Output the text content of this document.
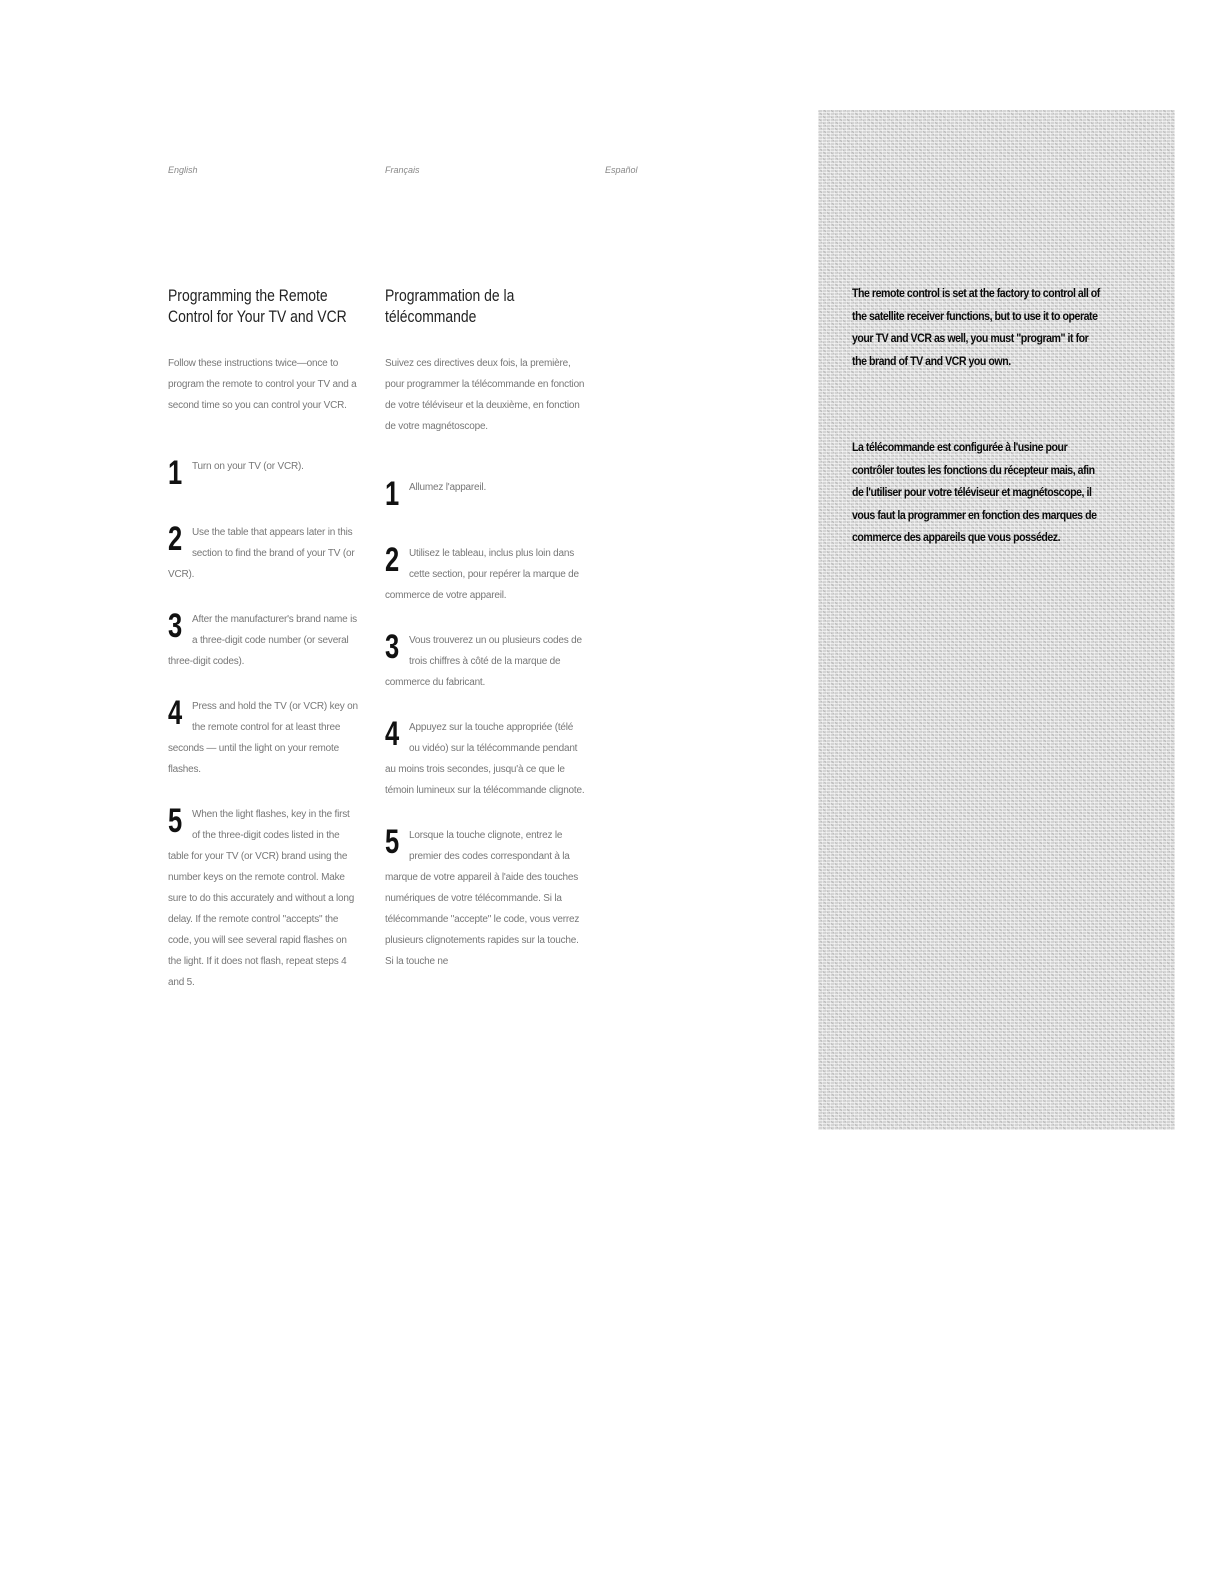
English	Français	Español
Programming the Remote Control for Your TV and VCR

Follow these instructions twice—once to program the remote to control your TV and a second time so you can control your VCR.

1 Turn on your TV (or VCR).
2 Use the table that appears later in this section to find the brand of your TV (or VCR).
3 After the manufacturer's brand name is a three-digit code number (or several three-digit codes).
4 Press and hold the TV (or VCR) key on the remote control for at least three seconds — until the light on your remote flashes.
5 When the light flashes, key in the first of the three-digit codes listed in the table for your TV (or VCR) brand using the number keys on the remote control. Make sure to do this accurately and without a long delay. If the remote control "accepts" the code, you will see several rapid flashes on the light. If it does not flash, repeat steps 4 and 5.
Programmation de la télécommande

Suivez ces directives deux fois, la première, pour programmer la télécommande en fonction de votre téléviseur et la deuxième, en fonction de votre magnétoscope.

1 Allumez l'appareil.
2 Utilisez le tableau, inclus plus loin dans cette section, pour repérer la marque de commerce de votre appareil.
3 Vous trouverez un ou plusieurs codes de trois chiffres à côté de la marque de commerce du fabricant.
4 Appuyez sur la touche appropriée (télé ou vidéo) sur la télécommande pendant au moins trois secondes, jusqu'à ce que le témoin lumineux sur la télécommande clignote.
5 Lorsque la touche clignote, entrez le premier des codes correspondant à la marque de votre appareil à l'aide des touches numériques de votre télécommande. Si la télécommande "accepte" le code, vous verrez plusieurs clignotements rapides sur la touche. Si la touche ne
The remote control is set at the factory to control all of the satellite receiver functions, but to use it to operate your TV and VCR as well, you must "program" it for the brand of TV and VCR you own.
La télécommande est configurée à l'usine pour contrôler toutes les fonctions du récepteur mais, afin de l'utiliser pour votre téléviseur et magnétoscope, il vous faut la programmer en fonction des marques de commerce des appareils que vous possédez.
